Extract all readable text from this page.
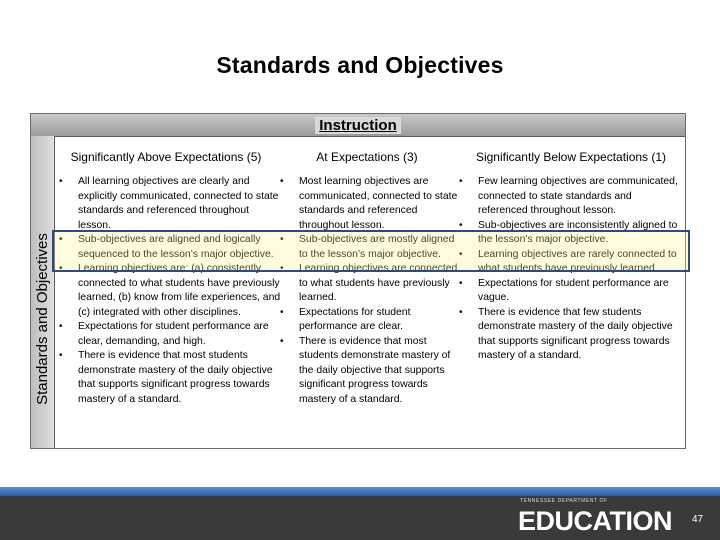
Standards and Objectives
Instruction
Standards and Objectives
Significantly Above Expectations (5)	At Expectations (3)	Significantly Below Expectations (1)
• All learning objectives are clearly and explicitly communicated, connected to state standards and referenced throughout lesson.
• Sub-objectives are aligned and logically sequenced to the lesson’s major objective.
• Learning objectives are: (a) consistently connected to what students have previously learned, (b) know from life experiences, and (c) integrated with other disciplines.
• Expectations for student performance are clear, demanding, and high.
• There is evidence that most students demonstrate mastery of the daily objective that supports significant progress towards mastery of a standard.
• Most learning objectives are communicated, connected to state standards and referenced throughout lesson.
• Sub-objectives are mostly aligned to the lesson’s major objective.
• Learning objectives are connected to what students have previously learned.
• Expectations for student performance are clear.
• There is evidence that most students demonstrate mastery of the daily objective that supports significant progress towards mastery of a standard.
• Few learning objectives are communicated, connected to state standards and referenced throughout lesson.
• Sub-objectives are inconsistently aligned to the lesson’s major objective.
• Learning objectives are rarely connected to what students have previously learned.
• Expectations for student performance are vague.
• There is evidence that few students demonstrate mastery of the daily objective that supports significant progress towards mastery of a standard.
TENNESSEE DEPARTMENT OF
EDUCATION 47
